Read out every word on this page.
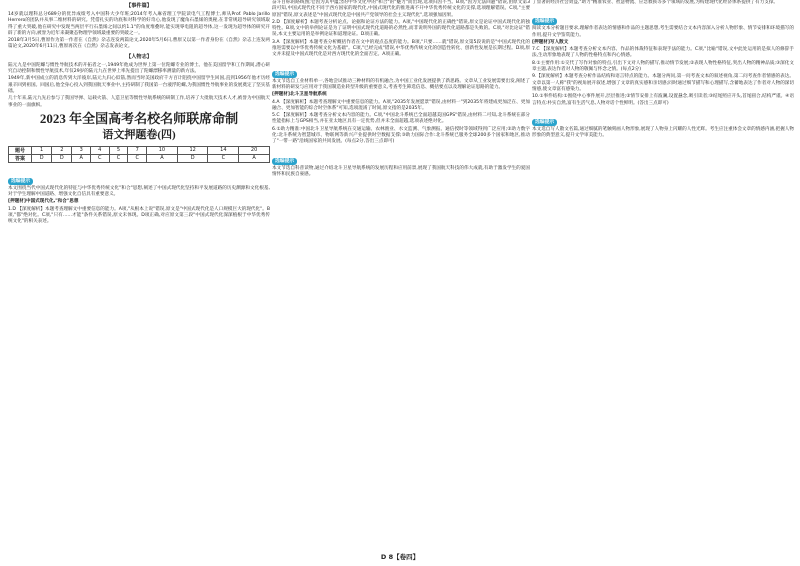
【事件篇】

14岁就以理科总分689分的优异成绩考入中国科大少年班;2014年考入麻省理工学院读电气工程博士,师从Prof. Pablo Jarillo Herrero的团队并从事二维材料的研究。凭借扎实的功底和对科学的好奇心,他发现了魔角石墨烯的奥秘,在非常规超导研究领域取得了重大突破,他在研究中发现当两层平行石墨烯之间以约1.1°的角度堆叠时,能实现零电阻的超导体,这一发现为超导体的研究开辟了新的方向,被誉为近年来凝聚态物理学领域最重要的突破之一。

2018年3月5日,曹原作为第一作者在《自然》杂志连发两篇论文,2020年5月6日,曹原又以第一作者身份在《自然》杂志上连发两篇论文,2020年6月11日,曹原再次在《自然》杂志发表论文。

【人物志】

陆元九是中国陀螺与惯性导航技术的开拓者之一,1949年他成为世界上第一位陀螺专业的博士。他在美国留学和工作期间,潜心研究自动控制和惯性导航技术,年仅29岁的陆元九在世界上率先提出了陀螺漂移率测量的新方法。

1949年,新中国成立的消息传到大洋彼岸,陆元九归心似箭,然而当时美国政府千方百计阻挠中国留学生回国,直到1956年他才历经艰辛回到祖国。回国后,他全身心投入到我国航天事业中,主持研制了我国第一台液浮陀螺,为我国惯性导航事业的发展奠定了坚实基础。

几十年来,陆元九先后参与了我国导弹、运载火箭、人造卫星等惯性导航系统的研制工作,培养了大批航天技术人才,被誉为中国航天事业的一面旗帜。

2023 年全国高考名校名师联席命制
语文押题卷(四)
题号	1	2	3	4	5	7	10	12	14	20
答案	D	D	A	C	C	C	A	D	C	A
选编提示

本文围绕当代中国式现代化的特征与中华优秀传统文化"和合"思想,阐述了中国式现代化坚持和平发展道路的历史渊源和文化根基,对于学生理解中国道路、增强文化自信具有重要意义。

[押题材]中国式现代化,"和合"思想

1.D 【深度解析】本题考查理解文中重要信息的能力。A项,"从根本上说"错误,原文是"中国式现代化是人口规模巨大的现代化"。B项,"都"绝对化。C项,"只有……才能"条件关系错误,原文未体现。D项正确,对应原文第三段"中国式现代化深深植根于中华优秀传统文化"的相关表述。

奋斗目标的路线图;仓因为其中蕴含的中华文化中的"和合"的"魅力"而出现,选项归因不当。B项,"因为无法回避"错误,由原文第3段可知,中国式现代化不同于西方国家的现代化,中国式现代化的推进离不开中华优秀传统文化的支撑,选项理解错误。C项,"主要原因"错误,原文表述是"中国式现代化是中国共产党领导的社会主义现代化",选项强加因果。

2.D 【深度解析】本题考查分析论点、论据和论证方法的能力。A项,"中国现代化的正确性"错误,原文是论证中国式现代化的独特性。B项,文中的举例论证是为了证明中国式现代化道路的必然性,而非说明外国的现代化道路都是失败的。C项,"对比论证"错误,本文主要运用的是举例论证和道理论证。D项正确。

3.A 【深度解析】本题考查分析概括作者在文中的观点态度的能力。B项,"只要……就"错误,原文第5段说的是"中国式现代化的推进需要以中华优秀传统文化为基础"。C项,"已经完成"错误,中华优秀传统文化的创造性转化、创新性发展是长期过程。D项,原文并未提及中国式现代化是对西方现代化的全面否定。A项正确。

选编提示

本文节选自工业材料单一,各地尝试推动三种材料的有机融合,为中国工业化发展提供了新思路。文章从工业发展需要出发,阐述了新材料的研发与应用对于我国制造业转型升级的重要意义,考查考生筛选信息、概括要点以及理解论证思路的能力。

[押题材]北斗卫星导航系统

4.A 【深度解析】本题考查理解文中重要信息的能力。A项,"2035年发展愿景"错误,由材料一"到2035年将建成更加泛在、更加融合、更加智能的综合时空体系"可知,选项混淆了时间,原文指的是2035年。

5.C 【深度解析】本题考查分析文本内容的能力。C项,"中国北斗系统已全面超越美国GPS"错误,由材料二可知,北斗系统在部分性能指标上与GPS相当,并在亚太地区具有一定优势,但并未全面超越,选项表述绝对化。

6.①助力精准:中国北斗卫星导航系统在交通运输、农林渔业、水文监测、气象测报、通信授时等领域得到广泛应用;②助力数字化:北斗系统为智慧城市、物联网等新兴产业提供时空数据支撑;③助力国际合作:北斗系统已服务全球200多个国家和地区,推动了"一带一路"沿线国家的共同发展。(每点2分,答出三点即可)

选编提示

本文节选自科普读物,通过介绍北斗卫星导航系统的发展历程和应用前景,展现了我国航天科技的伟大成就,有助于激发学生的爱国情怀和民族自豪感。

了显著的经济社会效益,"助力"精准农业、智慧物流、应急救援等多个领域的发展,为构建现代化经济体系提供了有力支撑。

选编提示

阅读文本分析题目要求,理解作者表达的情感和作品的主题思想,考生需要结合文本内容深入分析人物形象、情节安排和环境描写的作用,提升文学鉴赏能力。

[押题材]写人散文

7.C 【深度解析】本题考查分析文本内容、作品的体裁特征和表现手法的能力。C项,"比喻"错误,文中此处运用的是拟人的修辞手法,生动形象地表现了人物的性格特点和内心情感。

8.①主要作用:①交代了写作对象的特点,引出下文对人物的描写,推动情节发展;②表现人物性格特征,突出人物的精神品质;③深化文章主题,表达作者对人物的敬佩与怀念之情。(每点2分)

9.【深度解析】本题考查分析作品结构和语言特点的能力。本题分两问,第一问考查文本的叙述视角,第二问考查作者情感的表达。文章以第一人称"我"的视角展开叙述,增强了文章的真实感和亲切感;同时通过细节描写和心理描写,含蓄地表达了作者对人物的深切情感,使文章富有感染力。

10.①事件结构:①围绕中心事件展开,层层推进;②情节安排上有波澜,设置悬念,吸引读者;③结尾照应开头,首尾圆合,结构严谨。④语言特点:朴实自然,富有生活气息,人物对话个性鲜明。(答出三点即可)

选编提示

本文选自写人散文名篇,通过细腻的笔触刻画人物形象,展现了人物身上闪耀的人性光辉。考生应注重体会文章的情感内涵,把握人物形象的典型意义,提升文学审美能力。

D 8【卷四】
